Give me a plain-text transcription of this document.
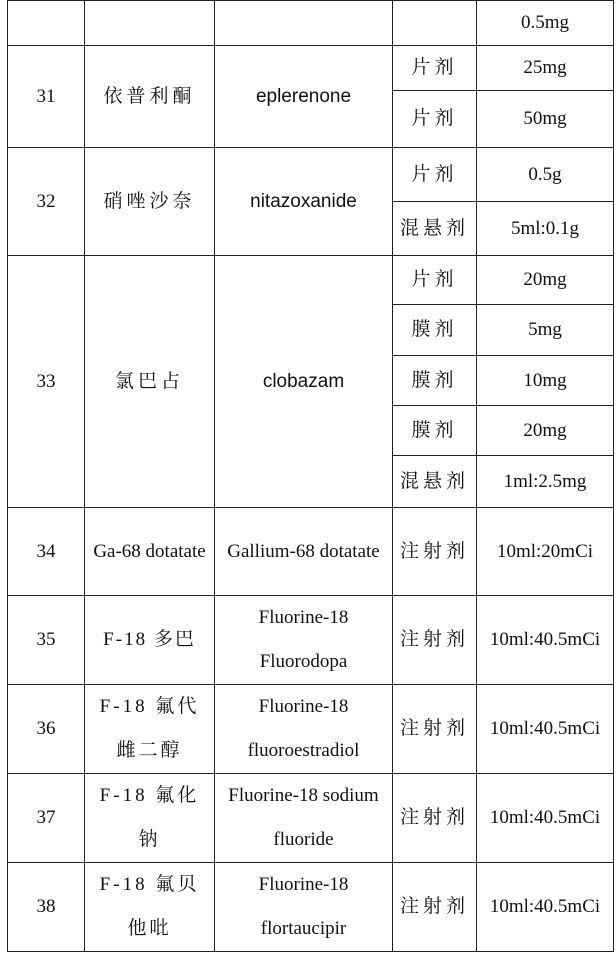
				0.5mg
31	依普利酮	eplerenone	片剂	25mg
			片剂	50mg
32	硝唑沙奈	nitazoxanide	片剂	0.5g
			混悬剂	5ml:0.1g
33	氯巴占	clobazam	片剂	20mg
			膜剂	5mg
			膜剂	10mg
			膜剂	20mg
			混悬剂	1ml:2.5mg
34	Ga-68 dotatate	Gallium-68 dotatate	注射剂	10ml:20mCi
35	F-18 多巴	Fluorine-18 Fluorodopa	注射剂	10ml:40.5mCi
36	F-18 氟代雌二醇	Fluorine-18 fluoroestradiol	注射剂	10ml:40.5mCi
37	F-18 氟化钠	Fluorine-18 sodium fluoride	注射剂	10ml:40.5mCi
38	F-18 氟贝他吡	Fluorine-18 flortaucipir	注射剂	10ml:40.5mCi
